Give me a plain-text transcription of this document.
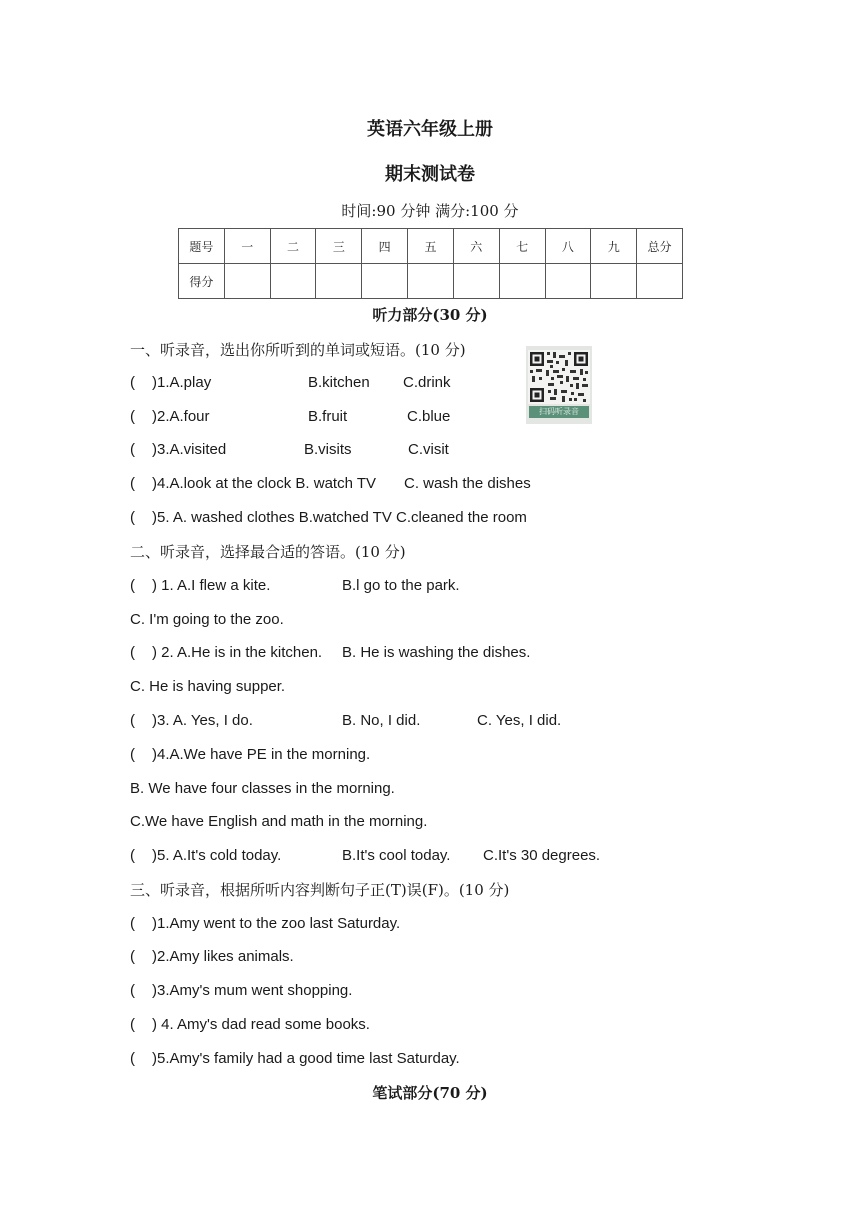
英语六年级上册
期末测试卷
时间:90 分钟 满分:100 分
题号	一	二	三	四	五	六	七	八	九	总分
得分										
听力部分(30 分)
扫码听录音
一、听录音，选出你所听到的单词或短语。(10 分)
( )1.A.play	B.kitchen C.drink
( )2.A.four	B.fruit	C.blue
( )3.A.visited	B.visits	C.visit
( )4.A.look at the clock B. watch TV C. wash the dishes
( )5. A. washed clothes B.watched TV C.cleaned the room
二、听录音，选择最合适的答语。(10 分)
( ) 1. A.I flew a kite.	B.l go to the park.
C. I'm going to the zoo.
( ) 2. A.He is in the kitchen. B. He is washing the dishes.
C. He is having supper.
( )3. A. Yes, I do.	B. No, I did.	C. Yes, I did.
( )4.A.We have PE in the morning.
B. We have four classes in the morning.
C.We have English and math in the morning.
( )5. A.It's cold today.	B.It's cool today. C.It's 30 degrees.
三、听录音，根据所听内容判断句子正(T)误(F)。(10 分)
( )1.Amy went to the zoo last Saturday.
( )2.Amy likes animals.
( )3.Amy's mum went shopping.
( ) 4. Amy's dad read some books.
( )5.Amy's family had a good time last Saturday.
笔试部分(70 分)
